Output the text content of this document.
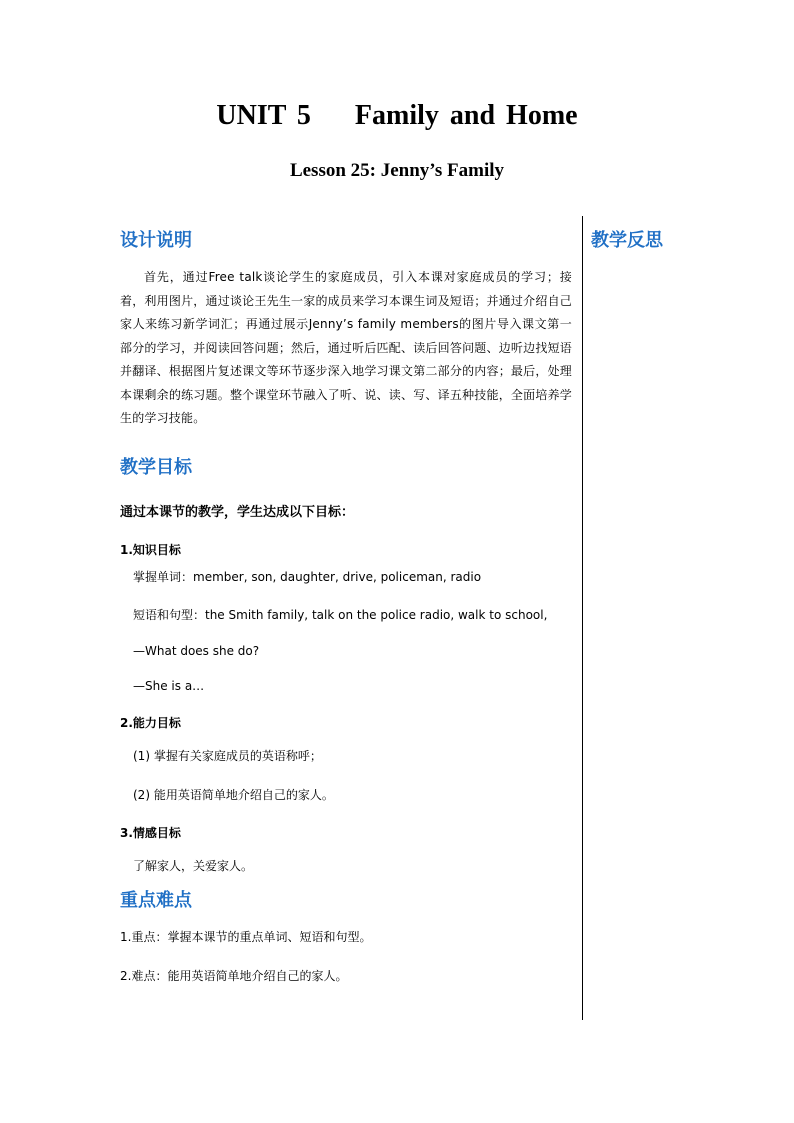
UNIT 5    Family and Home
Lesson 25: Jenny’s Family
教学反思
设计说明

首先，通过Free talk谈论学生的家庭成员，引入本课对家庭成员的学习；接着，利用图片，通过谈论王先生一家的成员来学习本课生词及短语；并通过介绍自己家人来练习新学词汇；再通过展示Jenny’s family members的图片导入课文第一部分的学习，并阅读回答问题；然后，通过听后匹配、读后回答问题、边听边找短语并翻译、根据图片复述课文等环节逐步深入地学习课文第二部分的内容；最后，处理本课剩余的练习题。整个课堂环节融入了听、说、读、写、译五种技能，全面培养学生的学习技能。

教学目标

通过本课节的教学，学生达成以下目标：

1.知识目标

掌握单词：member, son, daughter, drive, policeman, radio

短语和句型：the Smith family, talk on the police radio, walk to school,

—What does she do?

—She is a…

2.能力目标

(1) 掌握有关家庭成员的英语称呼；

(2) 能用英语简单地介绍自己的家人。

3.情感目标

了解家人，关爱家人。

重点难点

1.重点：掌握本课节的重点单词、短语和句型。

2.难点：能用英语简单地介绍自己的家人。
